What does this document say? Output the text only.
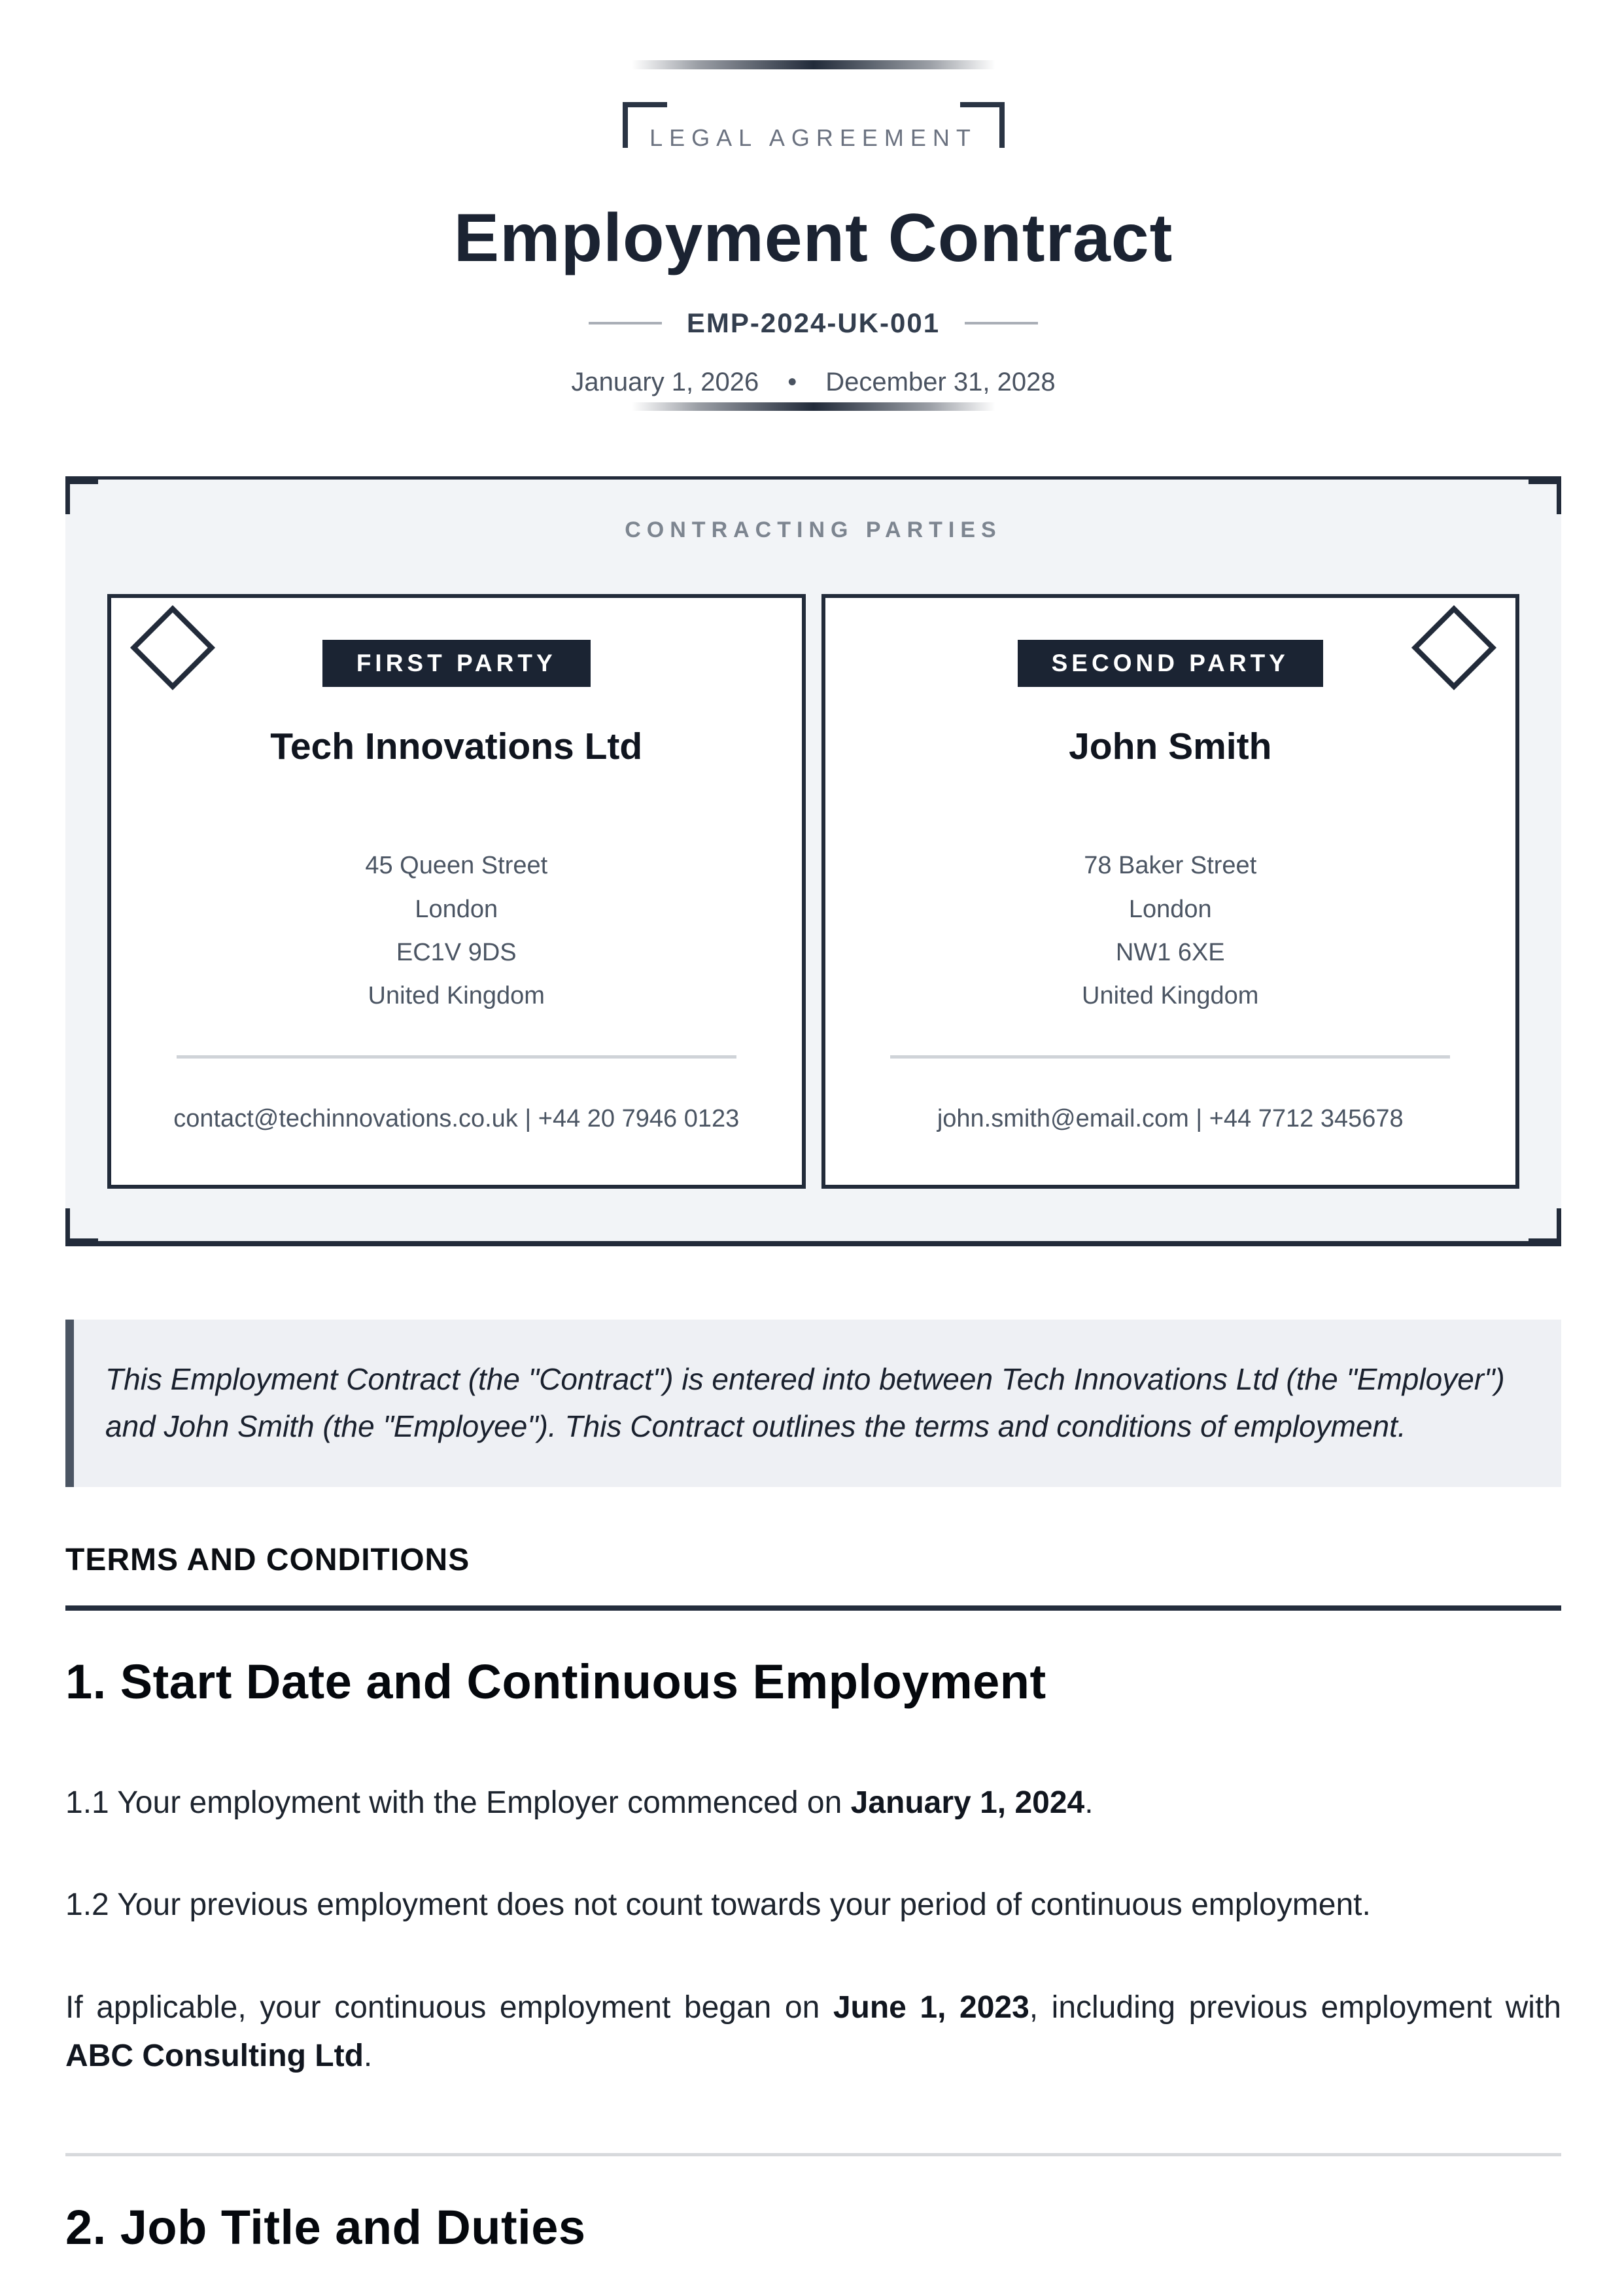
LEGAL AGREEMENT
Employment Contract
EMP-2024-UK-001
January 1, 2026 • December 31, 2028
CONTRACTING PARTIES
FIRST PARTY
Tech Innovations Ltd
45 Queen Street
London
EC1V 9DS
United Kingdom
contact@techinnovations.co.uk | +44 20 7946 0123
SECOND PARTY
John Smith
78 Baker Street
London
NW1 6XE
United Kingdom
john.smith@email.com | +44 7712 345678

This Employment Contract (the "Contract") is entered into between Tech Innovations Ltd (the "Employer") and John Smith (the "Employee"). This Contract outlines the terms and conditions of employment.

TERMS AND CONDITIONS
1. Start Date and Continuous Employment

1.1 Your employment with the Employer commenced on January 1, 2024.

1.2 Your previous employment does not count towards your period of continuous employment.

If applicable, your continuous employment began on June 1, 2023, including previous employment with ABC Consulting Ltd.

2. Job Title and Duties
